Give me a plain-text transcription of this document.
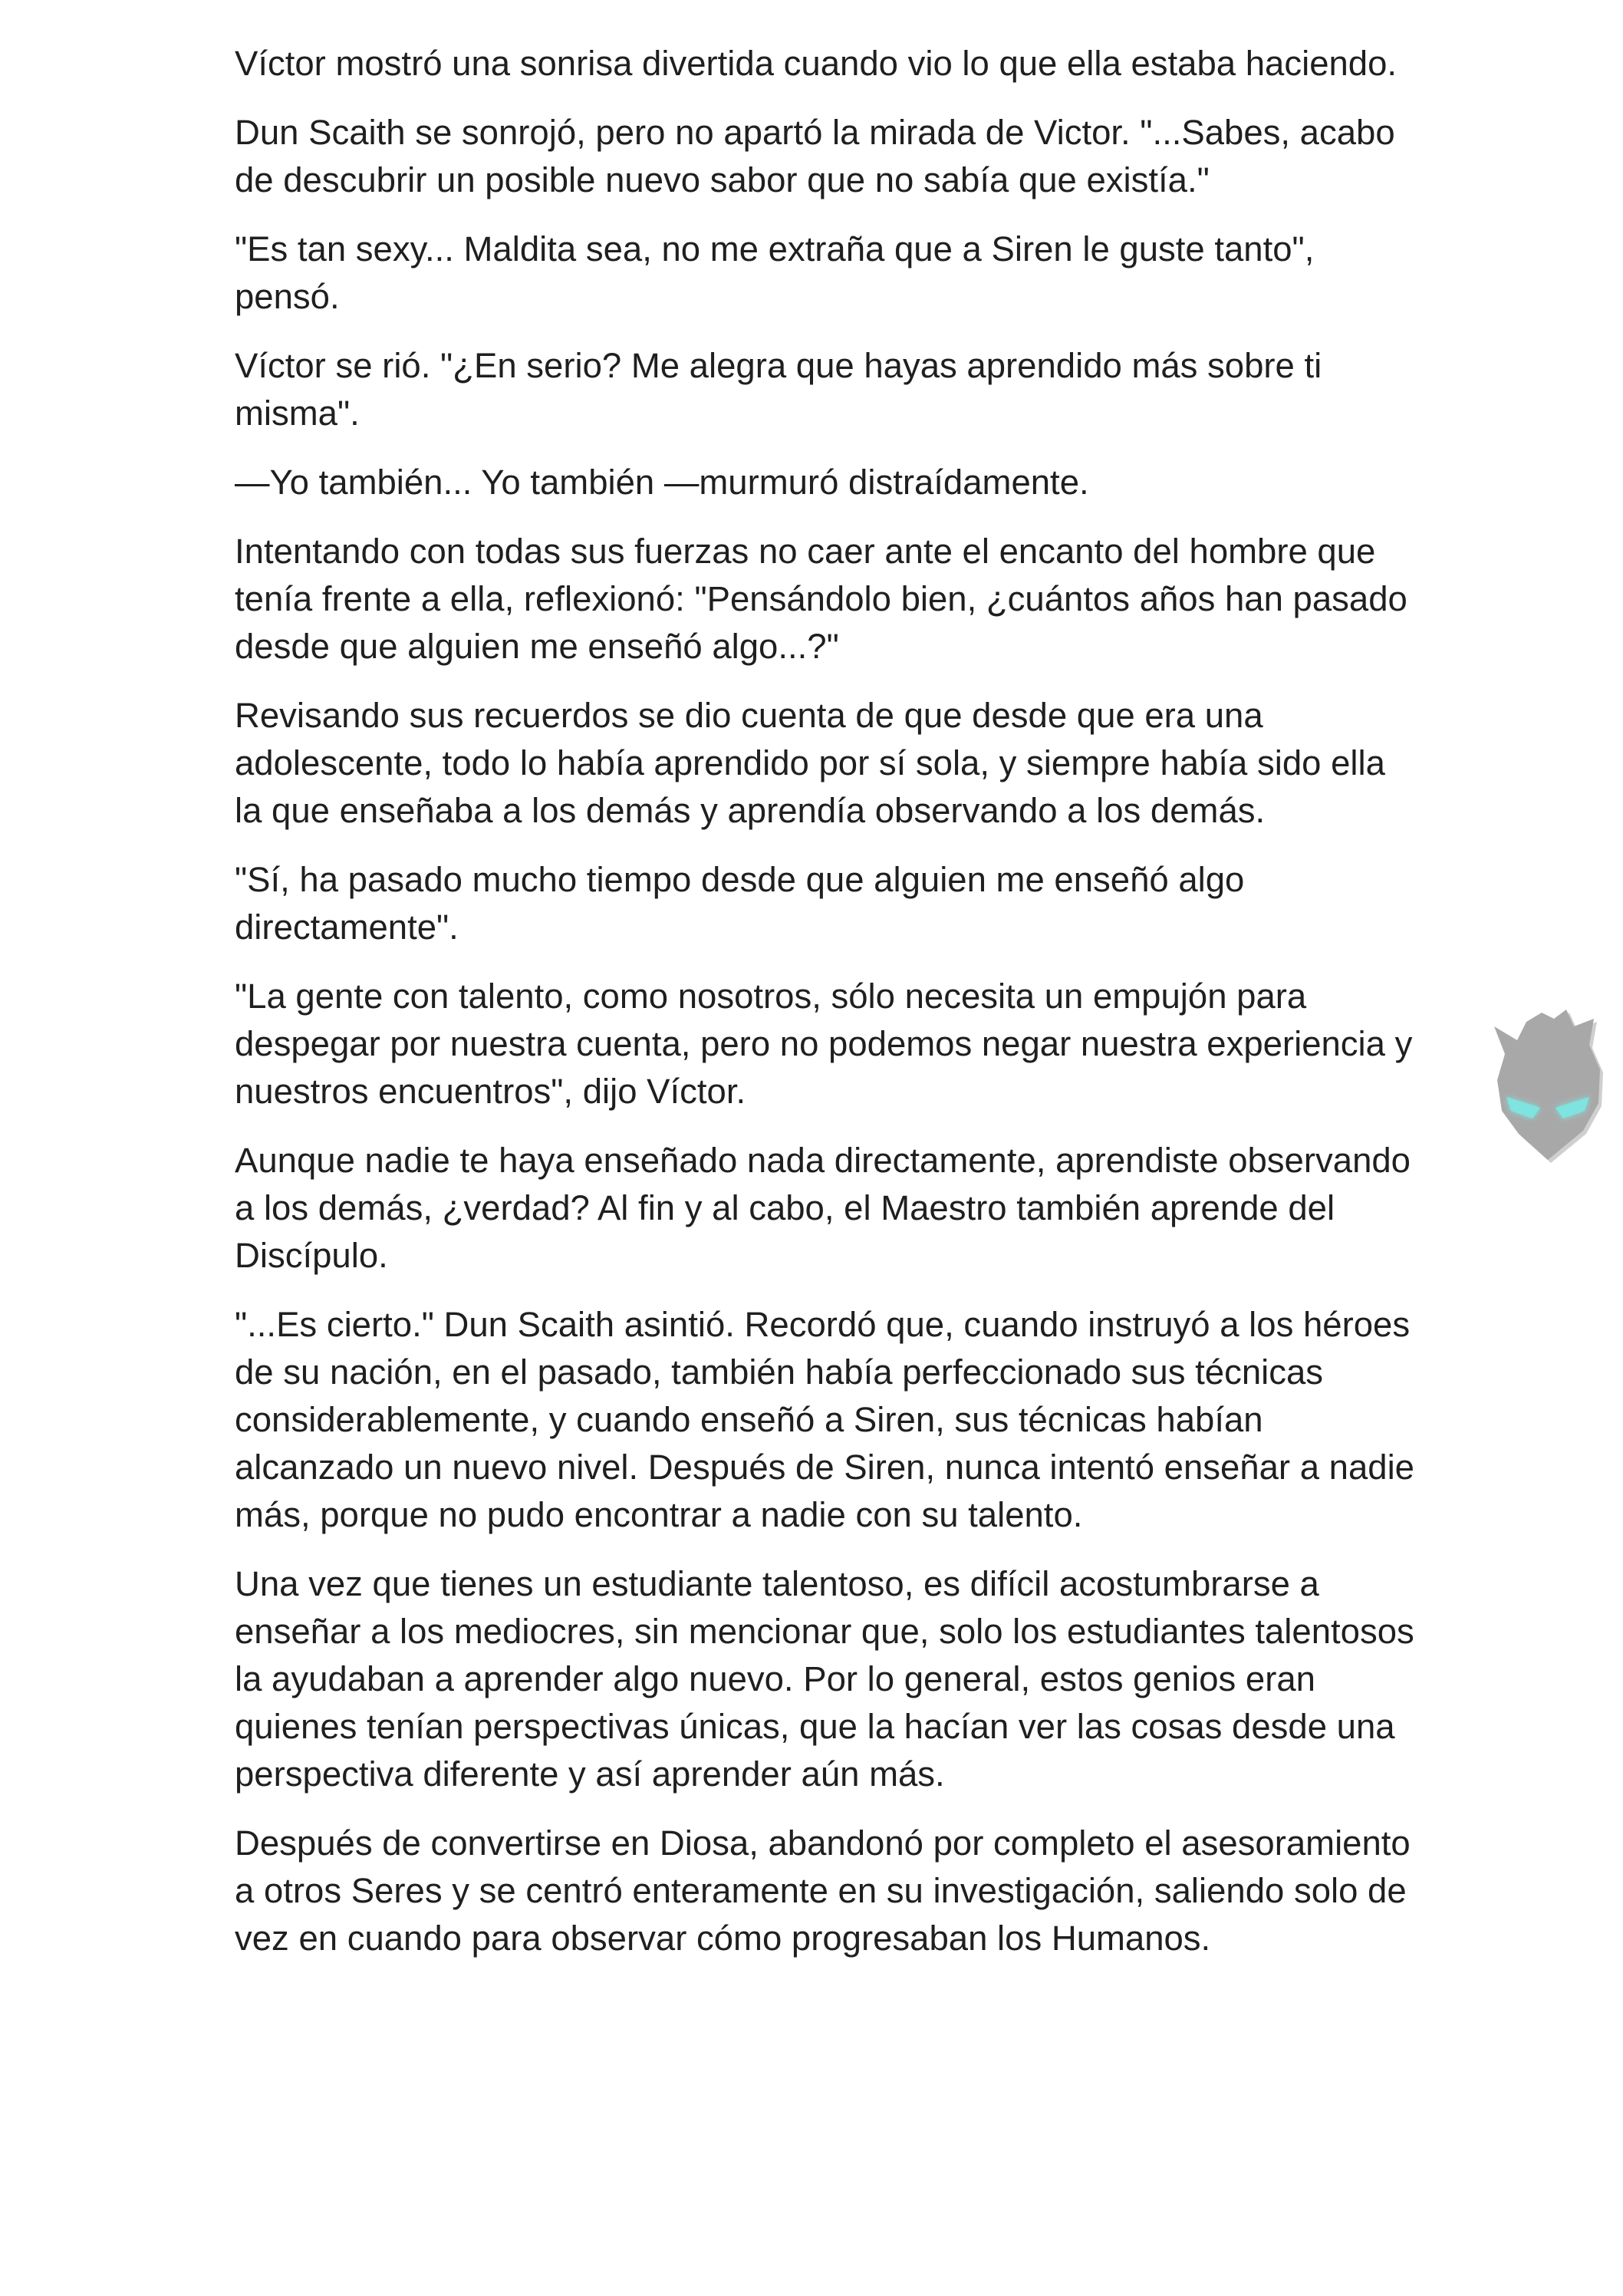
Víctor mostró una sonrisa divertida cuando vio lo que ella estaba haciendo.

Dun Scaith se sonrojó, pero no apartó la mirada de Victor. "...Sabes, acabo de descubrir un posible nuevo sabor que no sabía que existía."

"Es tan sexy... Maldita sea, no me extraña que a Siren le guste tanto", pensó.

Víctor se rió. "¿En serio? Me alegra que hayas aprendido más sobre ti misma".

—Yo también... Yo también —murmuró distraídamente.

Intentando con todas sus fuerzas no caer ante el encanto del hombre que tenía frente a ella, reflexionó: "Pensándolo bien, ¿cuántos años han pasado desde que alguien me enseñó algo...?"

Revisando sus recuerdos se dio cuenta de que desde que era una adolescente, todo lo había aprendido por sí sola, y siempre había sido ella la que enseñaba a los demás y aprendía observando a los demás.

"Sí, ha pasado mucho tiempo desde que alguien me enseñó algo directamente".

"La gente con talento, como nosotros, sólo necesita un empujón para despegar por nuestra cuenta, pero no podemos negar nuestra experiencia y nuestros encuentros", dijo Víctor.

Aunque nadie te haya enseñado nada directamente, aprendiste observando a los demás, ¿verdad? Al fin y al cabo, el Maestro también aprende del Discípulo.

"...Es cierto." Dun Scaith asintió. Recordó que, cuando instruyó a los héroes de su nación, en el pasado, también había perfeccionado sus técnicas considerablemente, y cuando enseñó a Siren, sus técnicas habían alcanzado un nuevo nivel. Después de Siren, nunca intentó enseñar a nadie más, porque no pudo encontrar a nadie con su talento.

Una vez que tienes un estudiante talentoso, es difícil acostumbrarse a enseñar a los mediocres, sin mencionar que, solo los estudiantes talentosos la ayudaban a aprender algo nuevo. Por lo general, estos genios eran quienes tenían perspectivas únicas, que la hacían ver las cosas desde una perspectiva diferente y así aprender aún más.

Después de convertirse en Diosa, abandonó por completo el asesoramiento a otros Seres y se centró enteramente en su investigación, saliendo solo de vez en cuando para observar cómo progresaban los Humanos.
